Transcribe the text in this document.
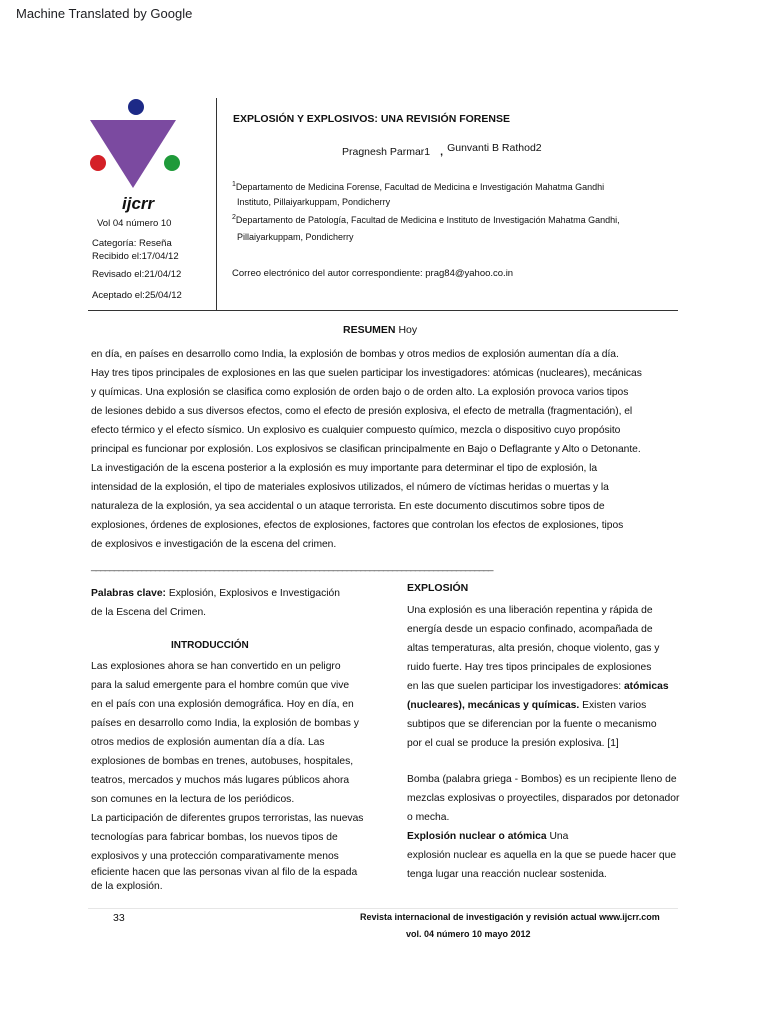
Machine Translated by Google
ijcrr
Vol 04 número 10
Categoría: Reseña
Recibido el:17/04/12
Revisado el:21/04/12
Aceptado el:25/04/12
EXPLOSIÓN Y EXPLOSIVOS: UNA REVISIÓN FORENSE
Pragnesh Parmar1 , Gunvanti B Rathod2
$^1$Departamento de Medicina Forense, Facultad de Medicina e Investigación Mahatma Gandhi
Instituto, Pillaiyarkuppam, Pondicherry
$^2$Departamento de Patología, Facultad de Medicina e Instituto de Investigación Mahatma Gandhi,
Pillaiyarkuppam, Pondicherry
Correo electrónico del autor correspondiente: prag84@yahoo.co.in
RESUMEN Hoy
en día, en países en desarrollo como India, la explosión de bombas y otros medios de explosión aumentan día a día.
Hay tres tipos principales de explosiones en las que suelen participar los investigadores: atómicas (nucleares), mecánicas
y químicas. Una explosión se clasifica como explosión de orden bajo o de orden alto. La explosión provoca varios tipos
de lesiones debido a sus diversos efectos, como el efecto de presión explosiva, el efecto de metralla (fragmentación), el
efecto térmico y el efecto sísmico. Un explosivo es cualquier compuesto químico, mezcla o dispositivo cuyo propósito
principal es funcionar por explosión. Los explosivos se clasifican principalmente en Bajo o Deflagrante y Alto o Detonante.
La investigación de la escena posterior a la explosión es muy importante para determinar el tipo de explosión, la
intensidad de la explosión, el tipo de materiales explosivos utilizados, el número de víctimas heridas o muertas y la
naturaleza de la explosión, ya sea accidental o un ataque terrorista. En este documento discutimos sobre tipos de
explosiones, órdenes de explosiones, efectos de explosiones, factores que controlan los efectos de explosiones, tipos
de explosivos e investigación de la escena del crimen.
________________________________________________________________________________________
Palabras clave: Explosión, Explosivos e Investigación
de la Escena del Crimen.
INTRODUCCIÓN
Las explosiones ahora se han convertido en un peligro
para la salud emergente para el hombre común que vive
en el país con una explosión demográfica. Hoy en día, en
países en desarrollo como India, la explosión de bombas y
otros medios de explosión aumentan día a día. Las
explosiones de bombas en trenes, autobuses, hospitales,
teatros, mercados y muchos más lugares públicos ahora
son comunes en la lectura de los periódicos.
La participación de diferentes grupos terroristas, las nuevas
tecnologías para fabricar bombas, los nuevos tipos de
explosivos y una protección comparativamente menos
eficiente hacen que las personas vivan al filo de la espada
de la explosión.
EXPLOSIÓN
Una explosión es una liberación repentina y rápida de
energía desde un espacio confinado, acompañada de
altas temperaturas, alta presión, choque violento, gas y
ruido fuerte. Hay tres tipos principales de explosiones
en las que suelen participar los investigadores: atómicas
(nucleares), mecánicas y químicas. Existen varios
subtipos que se diferencian por la fuente o mecanismo
por el cual se produce la presión explosiva. [1]
Bomba (palabra griega - Bombos) es un recipiente lleno de
mezclas explosivas o proyectiles, disparados por detonador
o mecha.
Explosión nuclear o atómica Una
explosión nuclear es aquella en la que se puede hacer que
tenga lugar una reacción nuclear sostenida.
33	Revista internacional de investigación y revisión actual www.ijcrr.com
vol. 04 número 10 mayo 2012
